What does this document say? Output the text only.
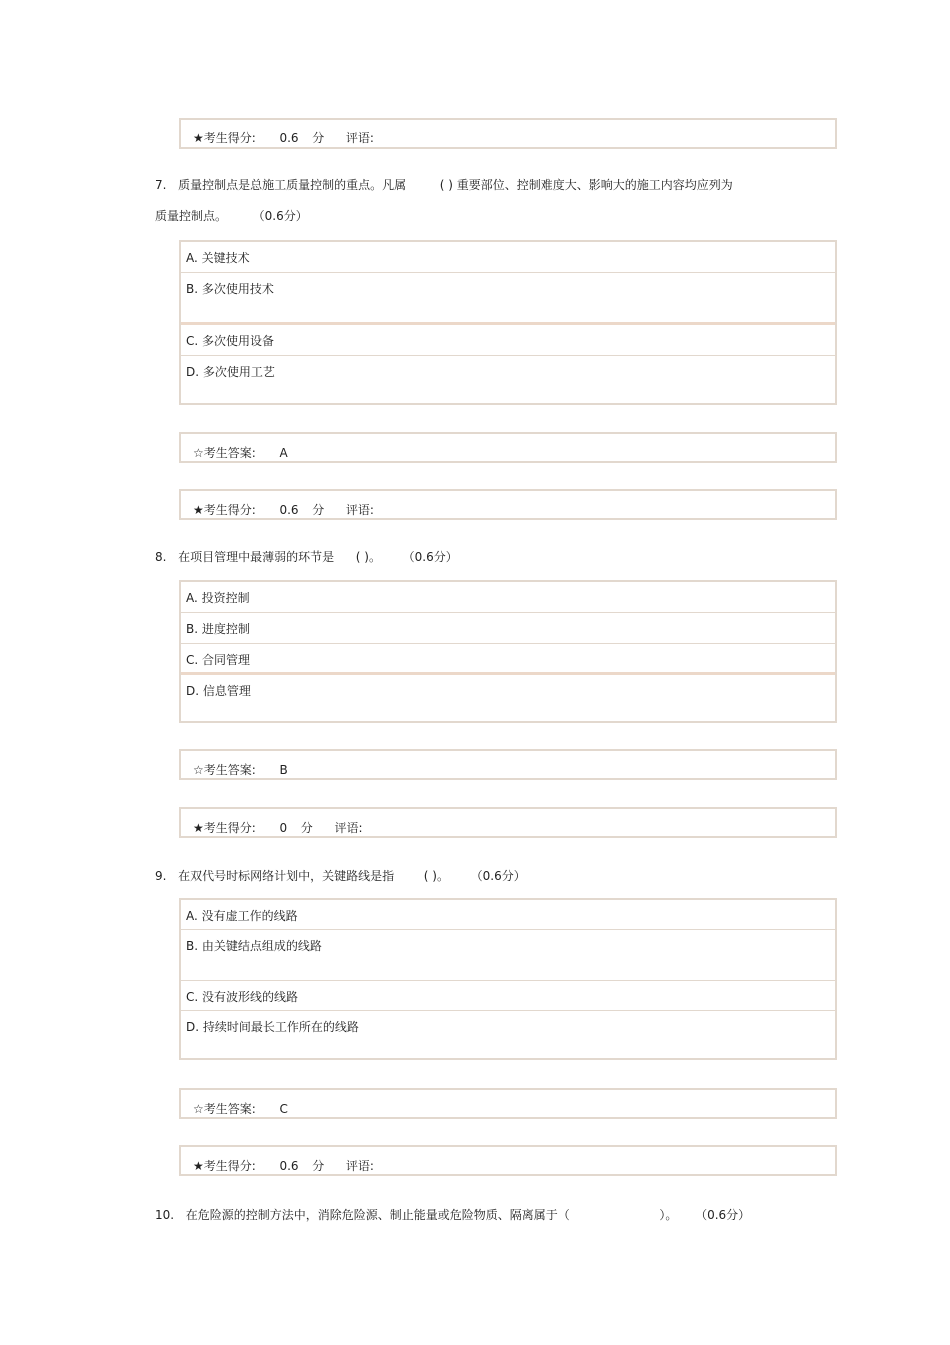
★考生得分: 0.6 分 评语:
7. 质量控制点是总施工质量控制的重点。凡属	( ) 重要部位、控制难度大、影响大的施工内容均应列为
质量控制点。 （0.6分）
A. 关键技术
B. 多次使用技术
C. 多次使用设备
D. 多次使用工艺
☆考生答案: A
★考生得分: 0.6 分 评语:
8. 在项目管理中最薄弱的环节是 ( )。 （0.6分）
A. 投资控制
B. 进度控制
C. 合同管理
D. 信息管理
☆考生答案: B
★考生得分: 0 分 评语:
9. 在双代号时标网络计划中，关键路线是指 ( )。 （0.6分）
A. 没有虚工作的线路
B. 由关键结点组成的线路
C. 没有波形线的线路
D. 持续时间最长工作所在的线路
☆考生答案: C
★考生得分: 0.6 分 评语:
10. 在危险源的控制方法中，消除危险源、制止能量或危险物质、隔离属于（	）。 （0.6分）
